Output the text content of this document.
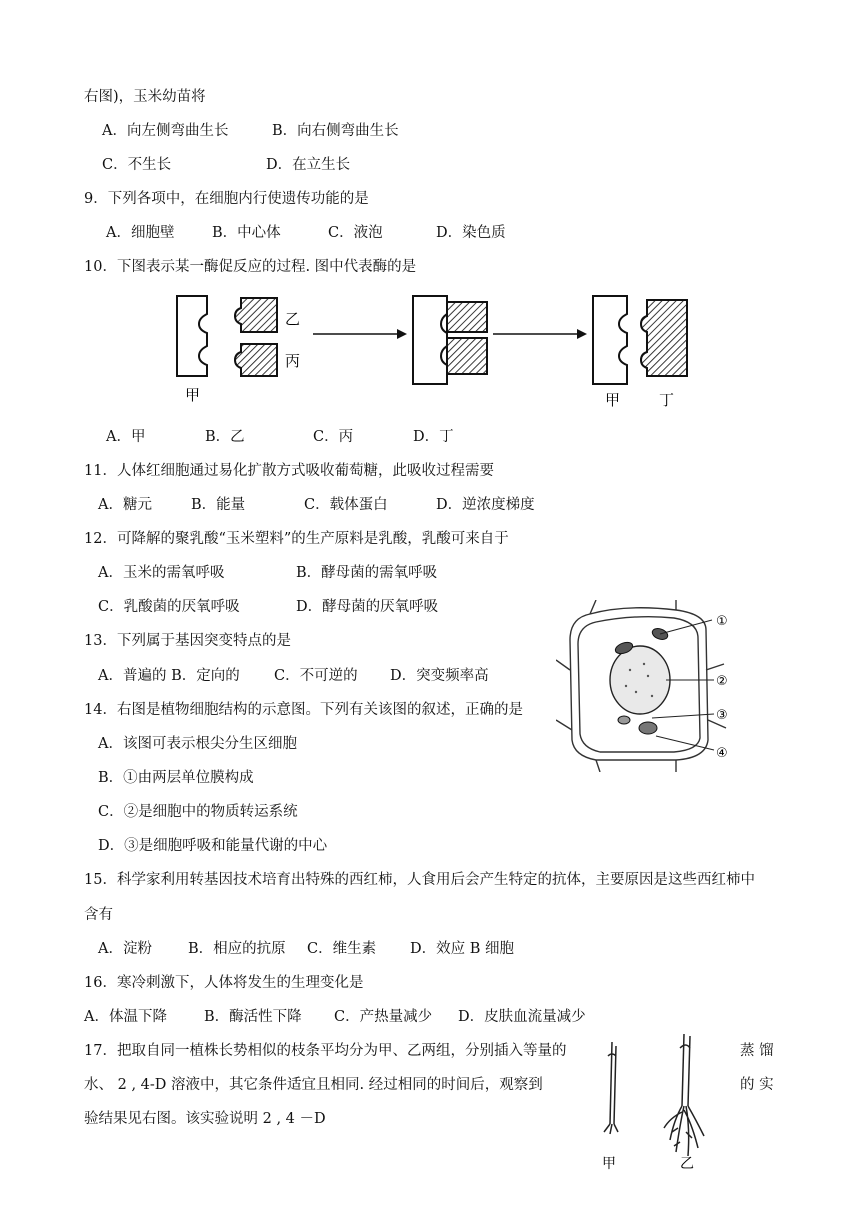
右图)，玉米幼苗将
A．向左侧弯曲生长	B．向右侧弯曲生长
C．不生长	D．在立生长
9．下列各项中，在细胞内行使遗传功能的是
A．细胞壁	B．中心体	C．液泡	D．染色质
10．下图表示某一酶促反应的过程. 图中代表酶的是
乙
丙
甲	甲	丁
A．甲	B．乙	C．丙	D．丁
11．人体红细胞通过易化扩散方式吸收葡萄糖，此吸收过程需要
A．糖元	B．能量	C．载体蛋白	D．逆浓度梯度
12．可降解的聚乳酸“玉米塑料”的生产原料是乳酸，乳酸可来自于
A．玉米的需氧呼吸	B．酵母菌的需氧呼吸
C．乳酸菌的厌氧呼吸	D．酵母菌的厌氧呼吸
13．下列属于基因突变特点的是
A．普遍的 B．定向的 C．不可逆的 D．突变频率高
14．右图是植物细胞结构的示意图。下列有关该图的叙述，正确的是
A．该图可表示根尖分生区细胞
B．①由两层单位膜构成
C．②是细胞中的物质转运系统
D．③是细胞呼吸和能量代谢的中心
①
②
③
④
15．科学家利用转基因技术培育出特殊的西红柿，人食用后会产生特定的抗体，主要原因是这些西红柿中
含有
A．淀粉 B．相应的抗原 C．维生素 D．效应 B 细胞
16．寒冷刺激下，人体将发生的生理变化是
A．体温下降	B．酶活性下降 C．产热量减少 D．皮肤血流量减少
17．把取自同一植株长势相似的枝条平均分为甲、乙两组，分别插入等量的	蒸 馏
水、 2 , 4-D 溶液中，其它条件适宜且相同. 经过相同的时间后，观察到	的 实
验结果见右图。该实验说明 2 , 4 －D
甲	乙
